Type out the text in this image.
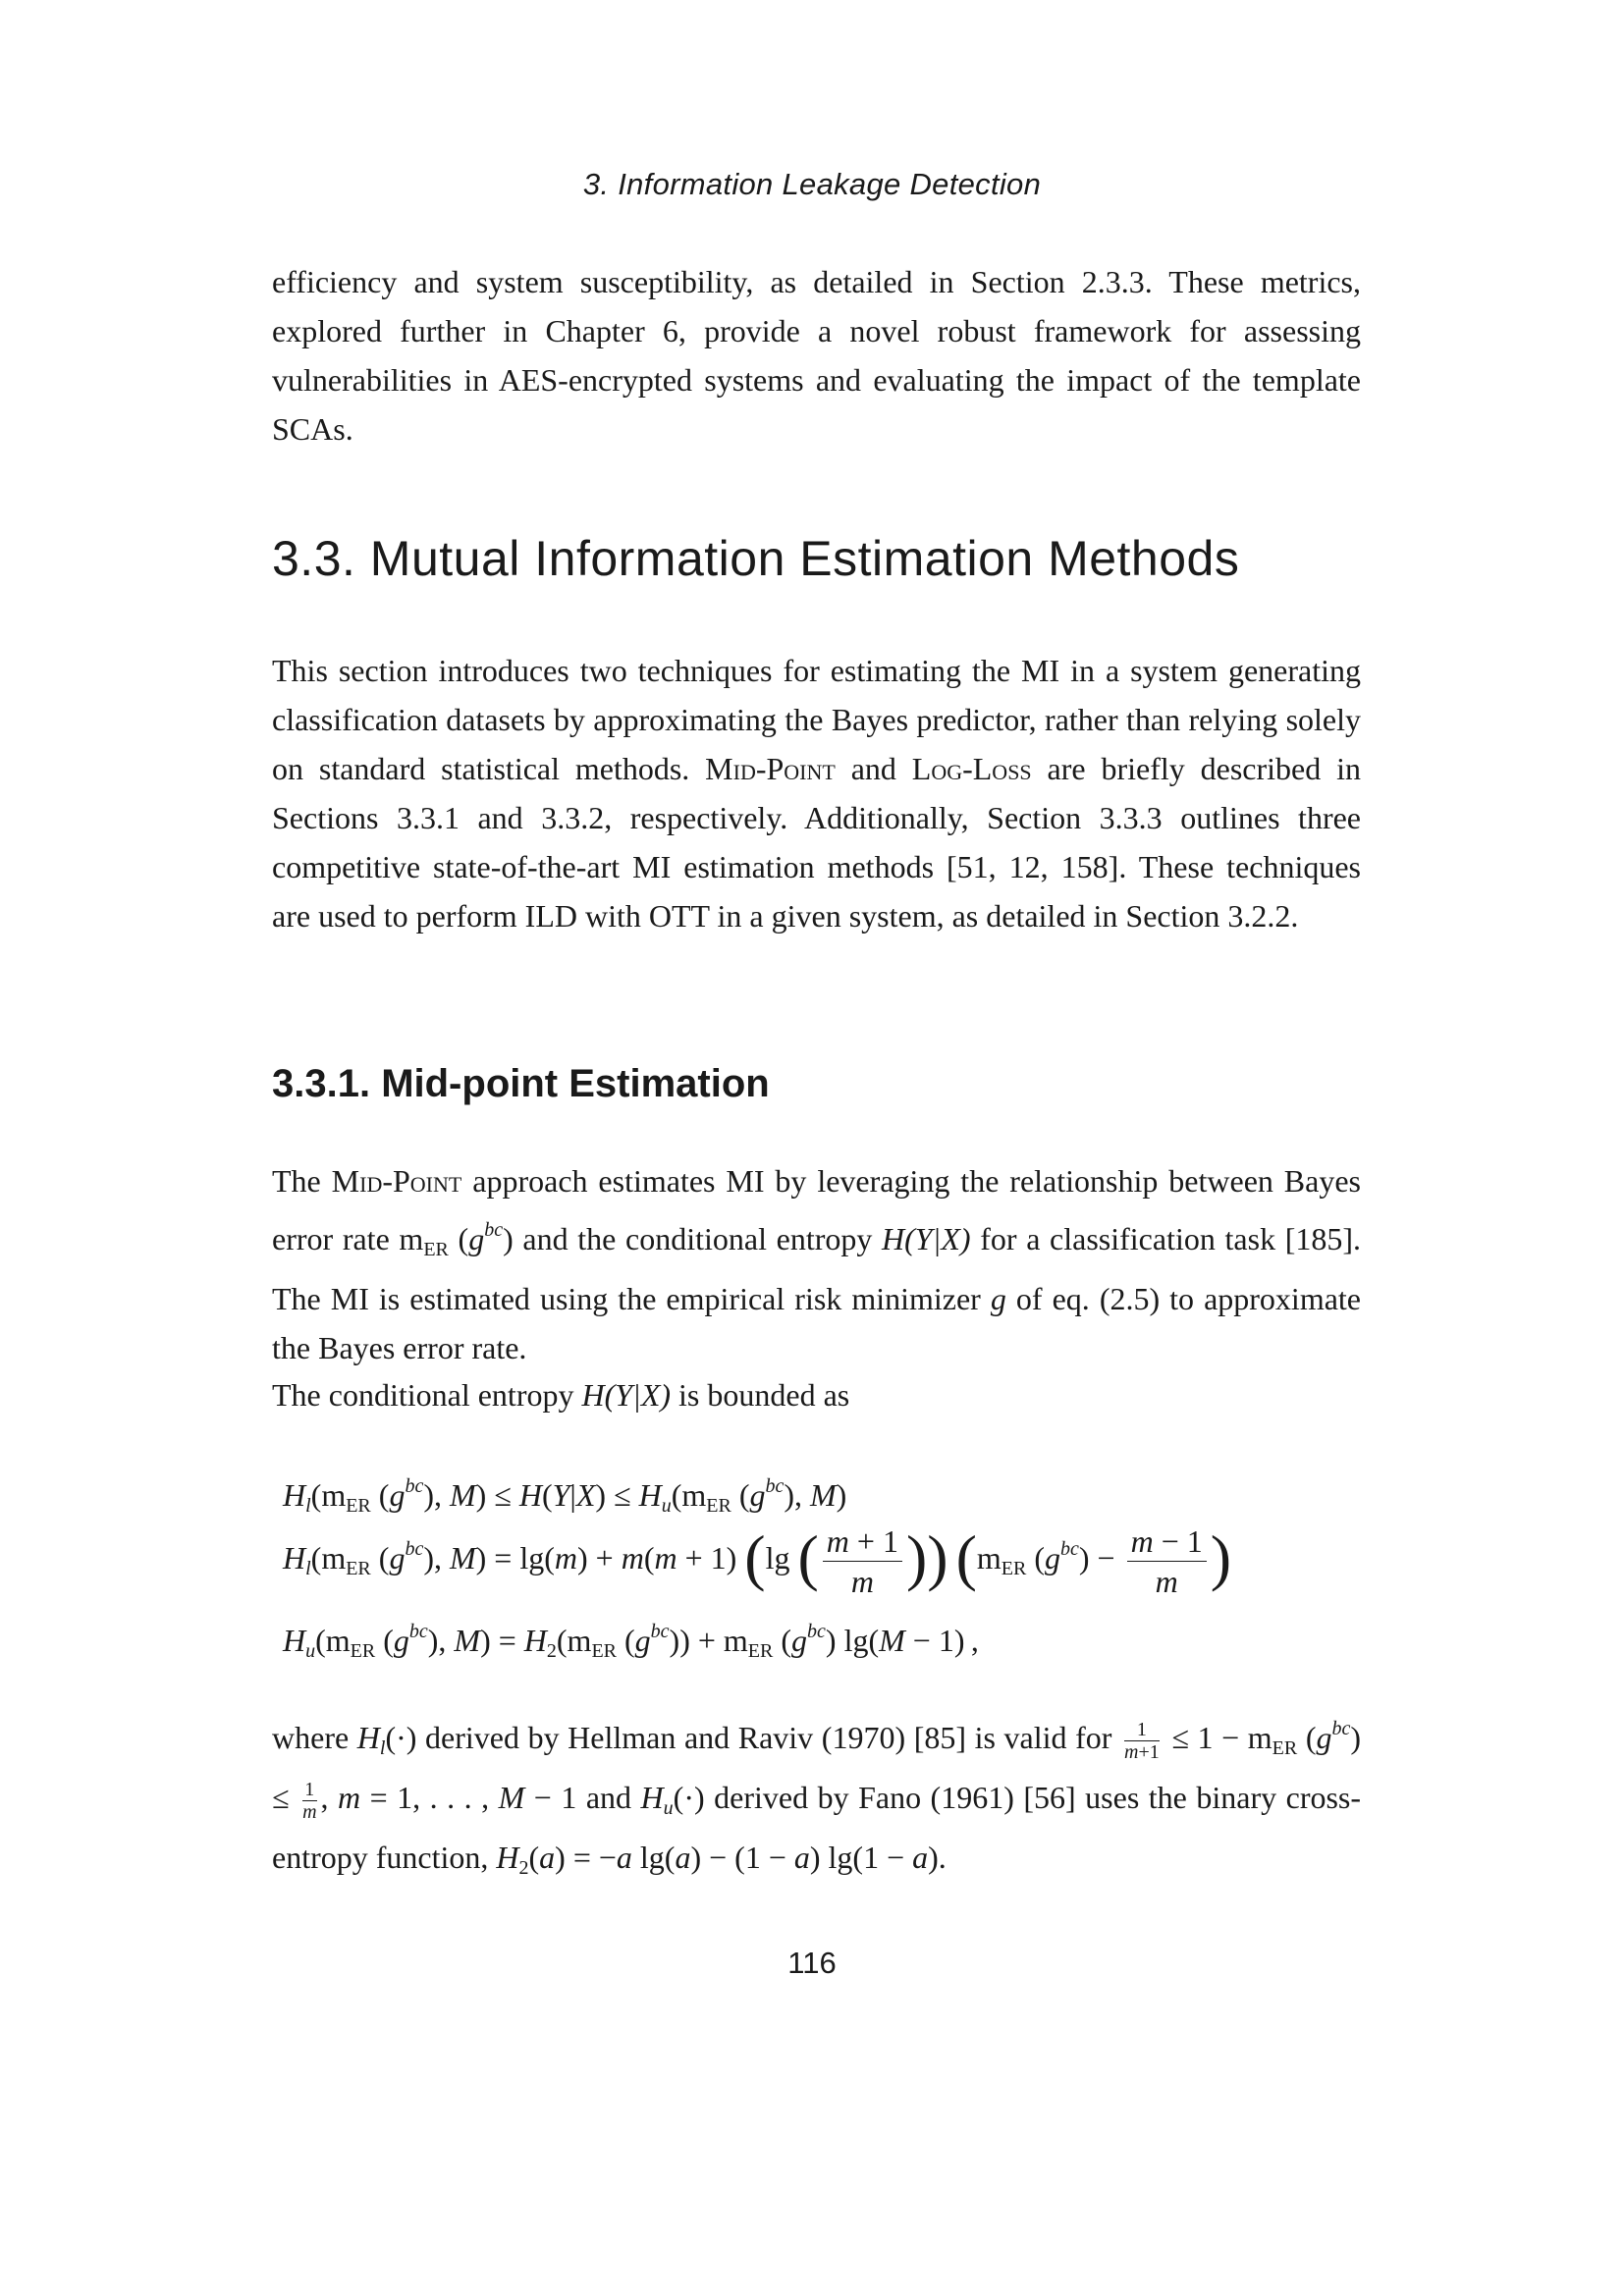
3. Information Leakage Detection

efficiency and system susceptibility, as detailed in Section 2.3.3. These metrics, explored further in Chapter 6, provide a novel robust framework for assessing vulnerabilities in AES-encrypted systems and evaluating the impact of the template SCAs.

3.3. Mutual Information Estimation Methods

This section introduces two techniques for estimating the MI in a system generating classification datasets by approximating the Bayes predictor, rather than relying solely on standard statistical methods. Mid-Point and Log-Loss are briefly described in Sections 3.3.1 and 3.3.2, respectively. Additionally, Section 3.3.3 outlines three competitive state-of-the-art MI estimation methods [51, 12, 158]. These techniques are used to perform ILD with OTT in a given system, as detailed in Section 3.2.2.

3.3.1. Mid-point Estimation

The Mid-Point approach estimates MI by leveraging the relationship between Bayes error rate $m_{ER}$ $(g^{bc})$ and the conditional entropy H(Y|X) for a classification task [185]. The MI is estimated using the empirical risk minimizer g of eq. (2.5) to approximate the Bayes error rate.

The conditional entropy H(Y|X) is bounded as

$H_l(m_{ER}$ $(g^{bc})$, $M) \le H(Y|X) \le H_u(m_{ER}$ $(g^{bc})$, M)
$H_l(m_{ER}$ $(g^{bc})$, M) = lg(m) + m(m + 1) (lg ( $\frac{m + 1}{m}$ )) ($m_{ER}$ $(g^{bc}) - \frac{m - 1}{m}$ )
$H_u(m_{ER}$ $(g^{bc})$, $M) = H_2(m_{ER}$ $(g^{bc})) + m_{ER}$ $(g^{bc}) \lg(M - 1)$ ,

where $H_l(\cdot)$ derived by Hellman and Raviv (1970) [85] is valid for $\frac{1}{m+1} \le 1 - m_{ER}$ $(g^{bc}) \le \frac{1}{m}$ , m = 1, . . . , M − 1 and $H_u(\cdot)$ derived by Fano (1961) [56] uses the binary cross-entropy function, $H_2(a) = -a$ lg(a) − (1 − a) lg(1 − a).

116
